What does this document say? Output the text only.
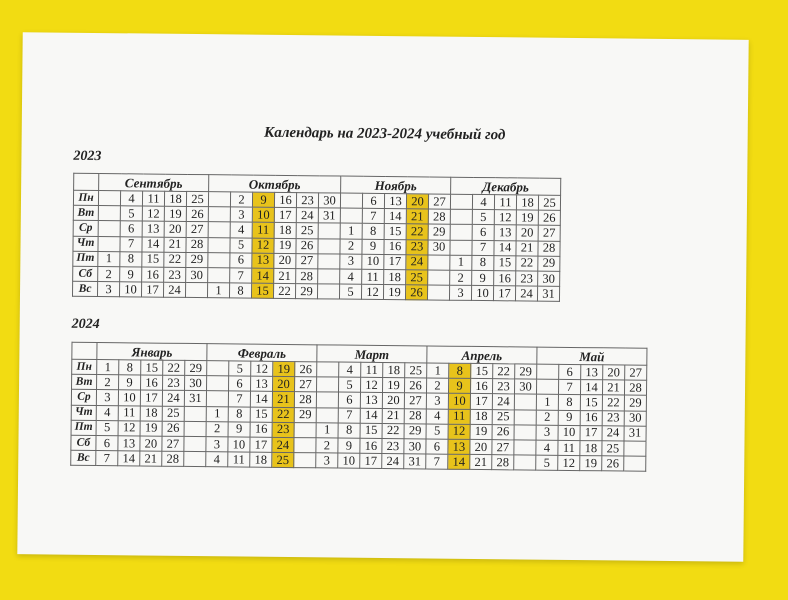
Календарь на 2023-2024 учебный год
2023
	Сентябрь					Октябрь						Ноябрь					Декабрь				
Пн		4	11	18	25		2	9	16	23	30		6	13	20	27		4	11	18	25
Вт		5	12	19	26		3	10	17	24	31		7	14	21	28		5	12	19	26
Ср		6	13	20	27		4	11	18	25		1	8	15	22	29		6	13	20	27
Чт		7	14	21	28		5	12	19	26		2	9	16	23	30		7	14	21	28
Пт	1	8	15	22	29		6	13	20	27		3	10	17	24		1	8	15	22	29
Сб	2	9	16	23	30		7	14	21	28		4	11	18	25		2	9	16	23	30
Вс	3	10	17	24		1	8	15	22	29		5	12	19	26		3	10	17	24	31
2024
	Январь					Февраль					Март					Апрель					Май				
Пн	1	8	15	22	29		5	12	19	26		4	11	18	25	1	8	15	22	29		6	13	20	27
Вт	2	9	16	23	30		6	13	20	27		5	12	19	26	2	9	16	23	30		7	14	21	28
Ср	3	10	17	24	31		7	14	21	28		6	13	20	27	3	10	17	24		1	8	15	22	29
Чт	4	11	18	25		1	8	15	22	29		7	14	21	28	4	11	18	25		2	9	16	23	30
Пт	5	12	19	26		2	9	16	23		1	8	15	22	29	5	12	19	26		3	10	17	24	31
Сб	6	13	20	27		3	10	17	24		2	9	16	23	30	6	13	20	27		4	11	18	25	
Вс	7	14	21	28		4	11	18	25		3	10	17	24	31	7	14	21	28		5	12	19	26	
